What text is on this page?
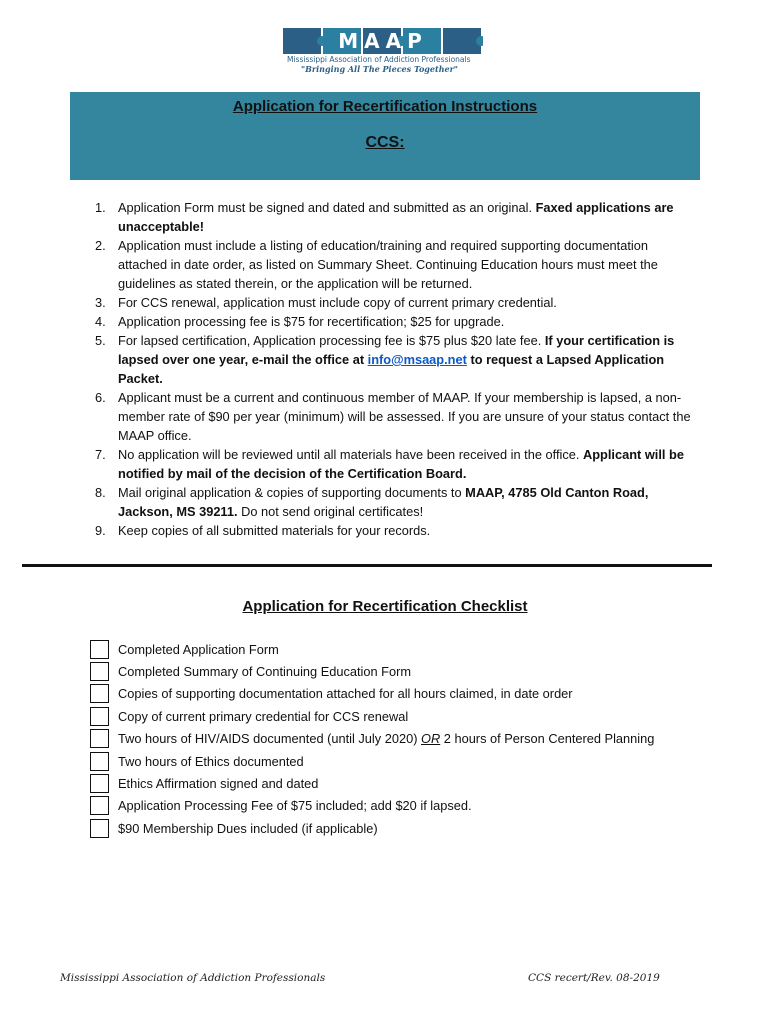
MAAP
Mississippi Association of Addiction Professionals
"Bringing All The Pieces Together"
Application for Recertification Instructions
CCS:
1. Application Form must be signed and dated and submitted as an original. Faxed applications are unacceptable!
2. Application must include a listing of education/training and required supporting documentation attached in date order, as listed on Summary Sheet. Continuing Education hours must meet the guidelines as stated therein, or the application will be returned.
3. For CCS renewal, application must include copy of current primary credential.
4. Application processing fee is $75 for recertification; $25 for upgrade.
5. For lapsed certification, Application processing fee is $75 plus $20 late fee. If your certification is lapsed over one year, e-mail the office at info@msaap.net to request a Lapsed Application Packet.
6. Applicant must be a current and continuous member of MAAP. If your membership is lapsed, a non-member rate of $90 per year (minimum) will be assessed. If you are unsure of your status contact the MAAP office.
7. No application will be reviewed until all materials have been received in the office. Applicant will be notified by mail of the decision of the Certification Board.
8. Mail original application & copies of supporting documents to MAAP, 4785 Old Canton Road, Jackson, MS 39211. Do not send original certificates!
9. Keep copies of all submitted materials for your records.
Application for Recertification Checklist
Completed Application Form
Completed Summary of Continuing Education Form
Copies of supporting documentation attached for all hours claimed, in date order
Copy of current primary credential for CCS renewal
Two hours of HIV/AIDS documented (until July 2020) OR 2 hours of Person Centered Planning
Two hours of Ethics documented
Ethics Affirmation signed and dated
Application Processing Fee of $75 included; add $20 if lapsed.
$90 Membership Dues included (if applicable)
Mississippi Association of Addiction Professionals	CCS recert/Rev. 08-2019
